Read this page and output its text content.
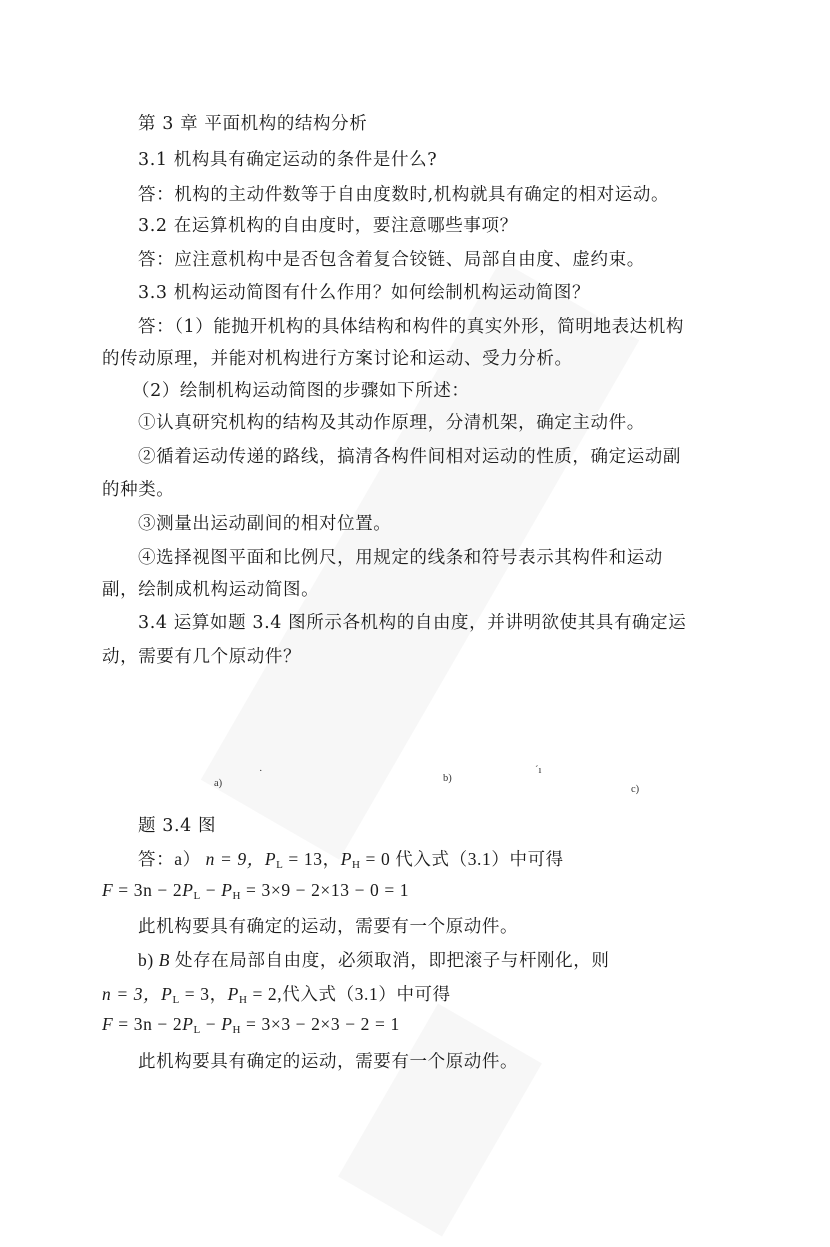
第 3 章 平面机构的结构分析
3.1 机构具有确定运动的条件是什么?
答：机构的主动件数等于自由度数时,机构就具有确定的相对运动。
3.2 在运算机构的自由度时，要注意哪些事项？
答：应注意机构中是否包含着复合铰链、局部自由度、虚约束。
3.3 机构运动简图有什么作用？如何绘制机构运动简图？
答：（1）能抛开机构的具体结构和构件的真实外形，简明地表达机构
的传动原理，并能对机构进行方案讨论和运动、受力分析。
（2）绘制机构运动简图的步骤如下所述：
①认真研究机构的结构及其动作原理，分清机架，确定主动件。
②循着运动传递的路线，搞清各构件间相对运动的性质，确定运动副
的种类。
③测量出运动副间的相对位置。
④选择视图平面和比例尺，用规定的线条和符号表示其构件和运动
副，绘制成机构运动简图。
3.4 运算如题 3.4 图所示各机构的自由度，并讲明欲使其具有确定运
动，需要有几个原动件？
a)
·
b)
ˊı
c)
题 3.4 图
答：a） n = 9，$P_L = 13$，$P_H = 0$ 代入式（3.1）中可得
$F = 3n - 2P_L - P_H = 3\times 9 - 2\times 13 - 0 = 1$
此机构要具有确定的运动，需要有一个原动件。
b) B 处存在局部自由度，必须取消，即把滚子与杆刚化，则
n = 3，$P_L = 3$，$P_H = 2$,代入式（3.1）中可得
$F = 3n - 2P_L - P_H = 3\times 3 - 2\times 3 - 2 = 1$
此机构要具有确定的运动，需要有一个原动件。
